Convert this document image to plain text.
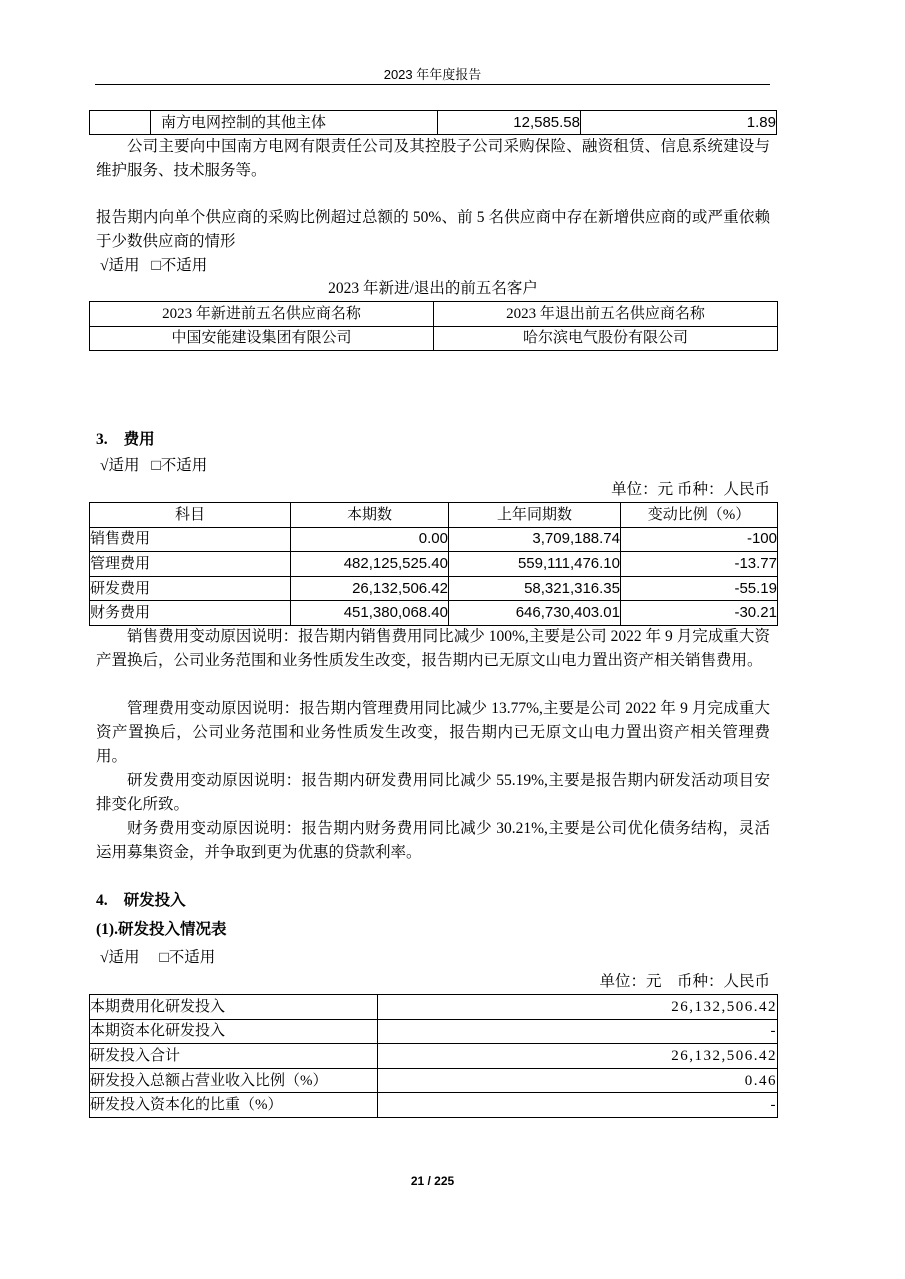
2023 年年度报告
	南方电网控制的其他主体	12,585.58	1.89
公司主要向中国南方电网有限责任公司及其控股子公司采购保险、融资租赁、信息系统建设与维护服务、技术服务等。
报告期内向单个供应商的采购比例超过总额的 50%、前 5 名供应商中存在新增供应商的或严重依赖于少数供应商的情形
√适用 □不适用
2023 年新进/退出的前五名客户
2023 年新进前五名供应商名称	2023 年退出前五名供应商名称
中国安能建设集团有限公司	哈尔滨电气股份有限公司
3. 费用
√适用 □不适用
单位：元 币种：人民币
科目	本期数	上年同期数	变动比例（%）
销售费用	0.00	3,709,188.74	-100
管理费用	482,125,525.40	559,111,476.10	-13.77
研发费用	26,132,506.42	58,321,316.35	-55.19
财务费用	451,380,068.40	646,730,403.01	-30.21
销售费用变动原因说明：报告期内销售费用同比减少 100%,主要是公司 2022 年 9 月完成重大资产置换后，公司业务范围和业务性质发生改变，报告期内已无原文山电力置出资产相关销售费用。
管理费用变动原因说明：报告期内管理费用同比减少 13.77%,主要是公司 2022 年 9 月完成重大资产置换后，公司业务范围和业务性质发生改变，报告期内已无原文山电力置出资产相关管理费用。
研发费用变动原因说明：报告期内研发费用同比减少 55.19%,主要是报告期内研发活动项目安排变化所致。
财务费用变动原因说明：报告期内财务费用同比减少 30.21%,主要是公司优化债务结构，灵活运用募集资金，并争取到更为优惠的贷款利率。
4. 研发投入
(1).研发投入情况表
√适用 □不适用
单位：元　币种：人民币
本期费用化研发投入	26,132,506.42
本期资本化研发投入	-
研发投入合计	26,132,506.42
研发投入总额占营业收入比例（%）	0.46
研发投入资本化的比重（%）	-
21 / 225
